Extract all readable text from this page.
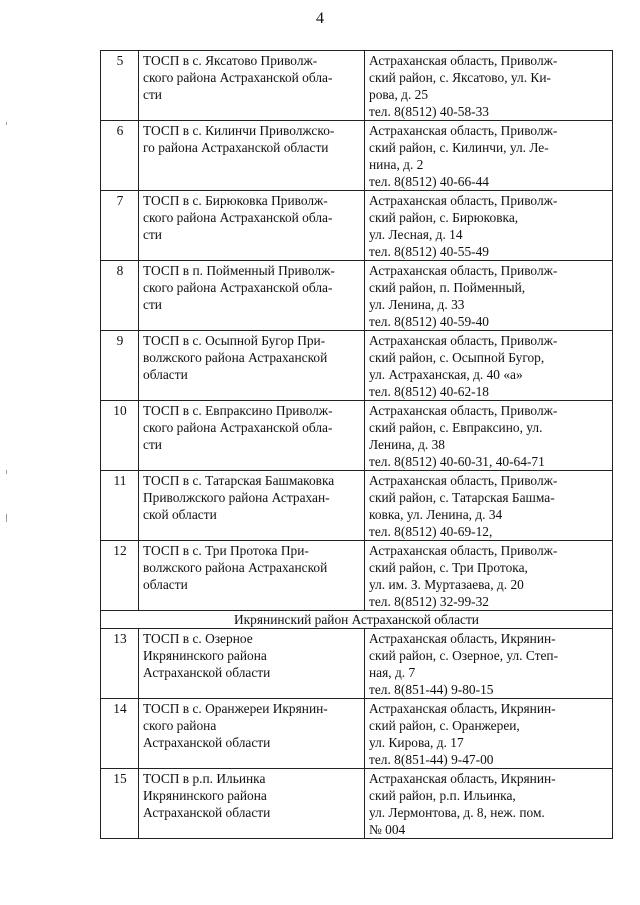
4
5	ТОСП в с. Яксатово Приволж-
ского района Астраханской обла-
сти	Астраханская область, Приволж-
ский район, с. Яксатово, ул. Ки-
рова, д. 25
тел. 8(8512) 40-58-33

6	ТОСП в с. Килинчи Приволжско-
го района Астраханской области	Астраханская область, Приволж-
ский район, с. Килинчи, ул. Ле-
нина, д. 2
тел. 8(8512) 40-66-44

7	ТОСП в с. Бирюковка Приволж-
ского района Астраханской обла-
сти	Астраханская область, Приволж-
ский район, с. Бирюковка,
ул. Лесная, д. 14
тел. 8(8512) 40-55-49

8	ТОСП в п. Пойменный Приволж-
ского района Астраханской обла-
сти	Астраханская область, Приволж-
ский район, п. Пойменный,
ул. Ленина, д. 33
тел. 8(8512) 40-59-40

9	ТОСП в с. Осыпной Бугор При-
волжского района Астраханской
области	Астраханская область, Приволж-
ский район, с. Осыпной Бугор,
ул. Астраханская, д. 40 «а»
тел. 8(8512) 40-62-18

10	ТОСП в с. Евпраксино Приволж-
ского района Астраханской обла-
сти	Астраханская область, Приволж-
ский район, с. Евпраксино, ул.
Ленина, д. 38
тел. 8(8512) 40-60-31, 40-64-71

11	ТОСП в с. Татарская Башмаковка
Приволжского района Астрахан-
ской области	Астраханская область, Приволж-
ский район, с. Татарская Башма-
ковка, ул. Ленина, д. 34
тел. 8(8512) 40-69-12,

12	ТОСП в с. Три Протока При-
волжского района Астраханской
области	Астраханская область, Приволж-
ский район, с. Три Протока,
ул. им. З. Муртазаева, д. 20
тел. 8(8512) 32-99-32

Икрянинский район Астраханской области		
13	ТОСП в с. Озерное
Икрянинского района
Астраханской области	Астраханская область, Икрянин-
ский район, с. Озерное, ул. Степ-
ная, д. 7
тел. 8(851-44) 9-80-15

14	ТОСП в с. Оранжереи Икрянин-
ского района
Астраханской области	Астраханская область, Икрянин-
ский район, с. Оранжереи,
ул. Кирова, д. 17
тел. 8(851-44) 9-47-00

15	ТОСП в р.п. Ильинка
Икрянинского района
Астраханской области	Астраханская область, Икрянин-
ский район, р.п. Ильинка,
ул. Лермонтова, д. 8, неж. пом.
№ 004
